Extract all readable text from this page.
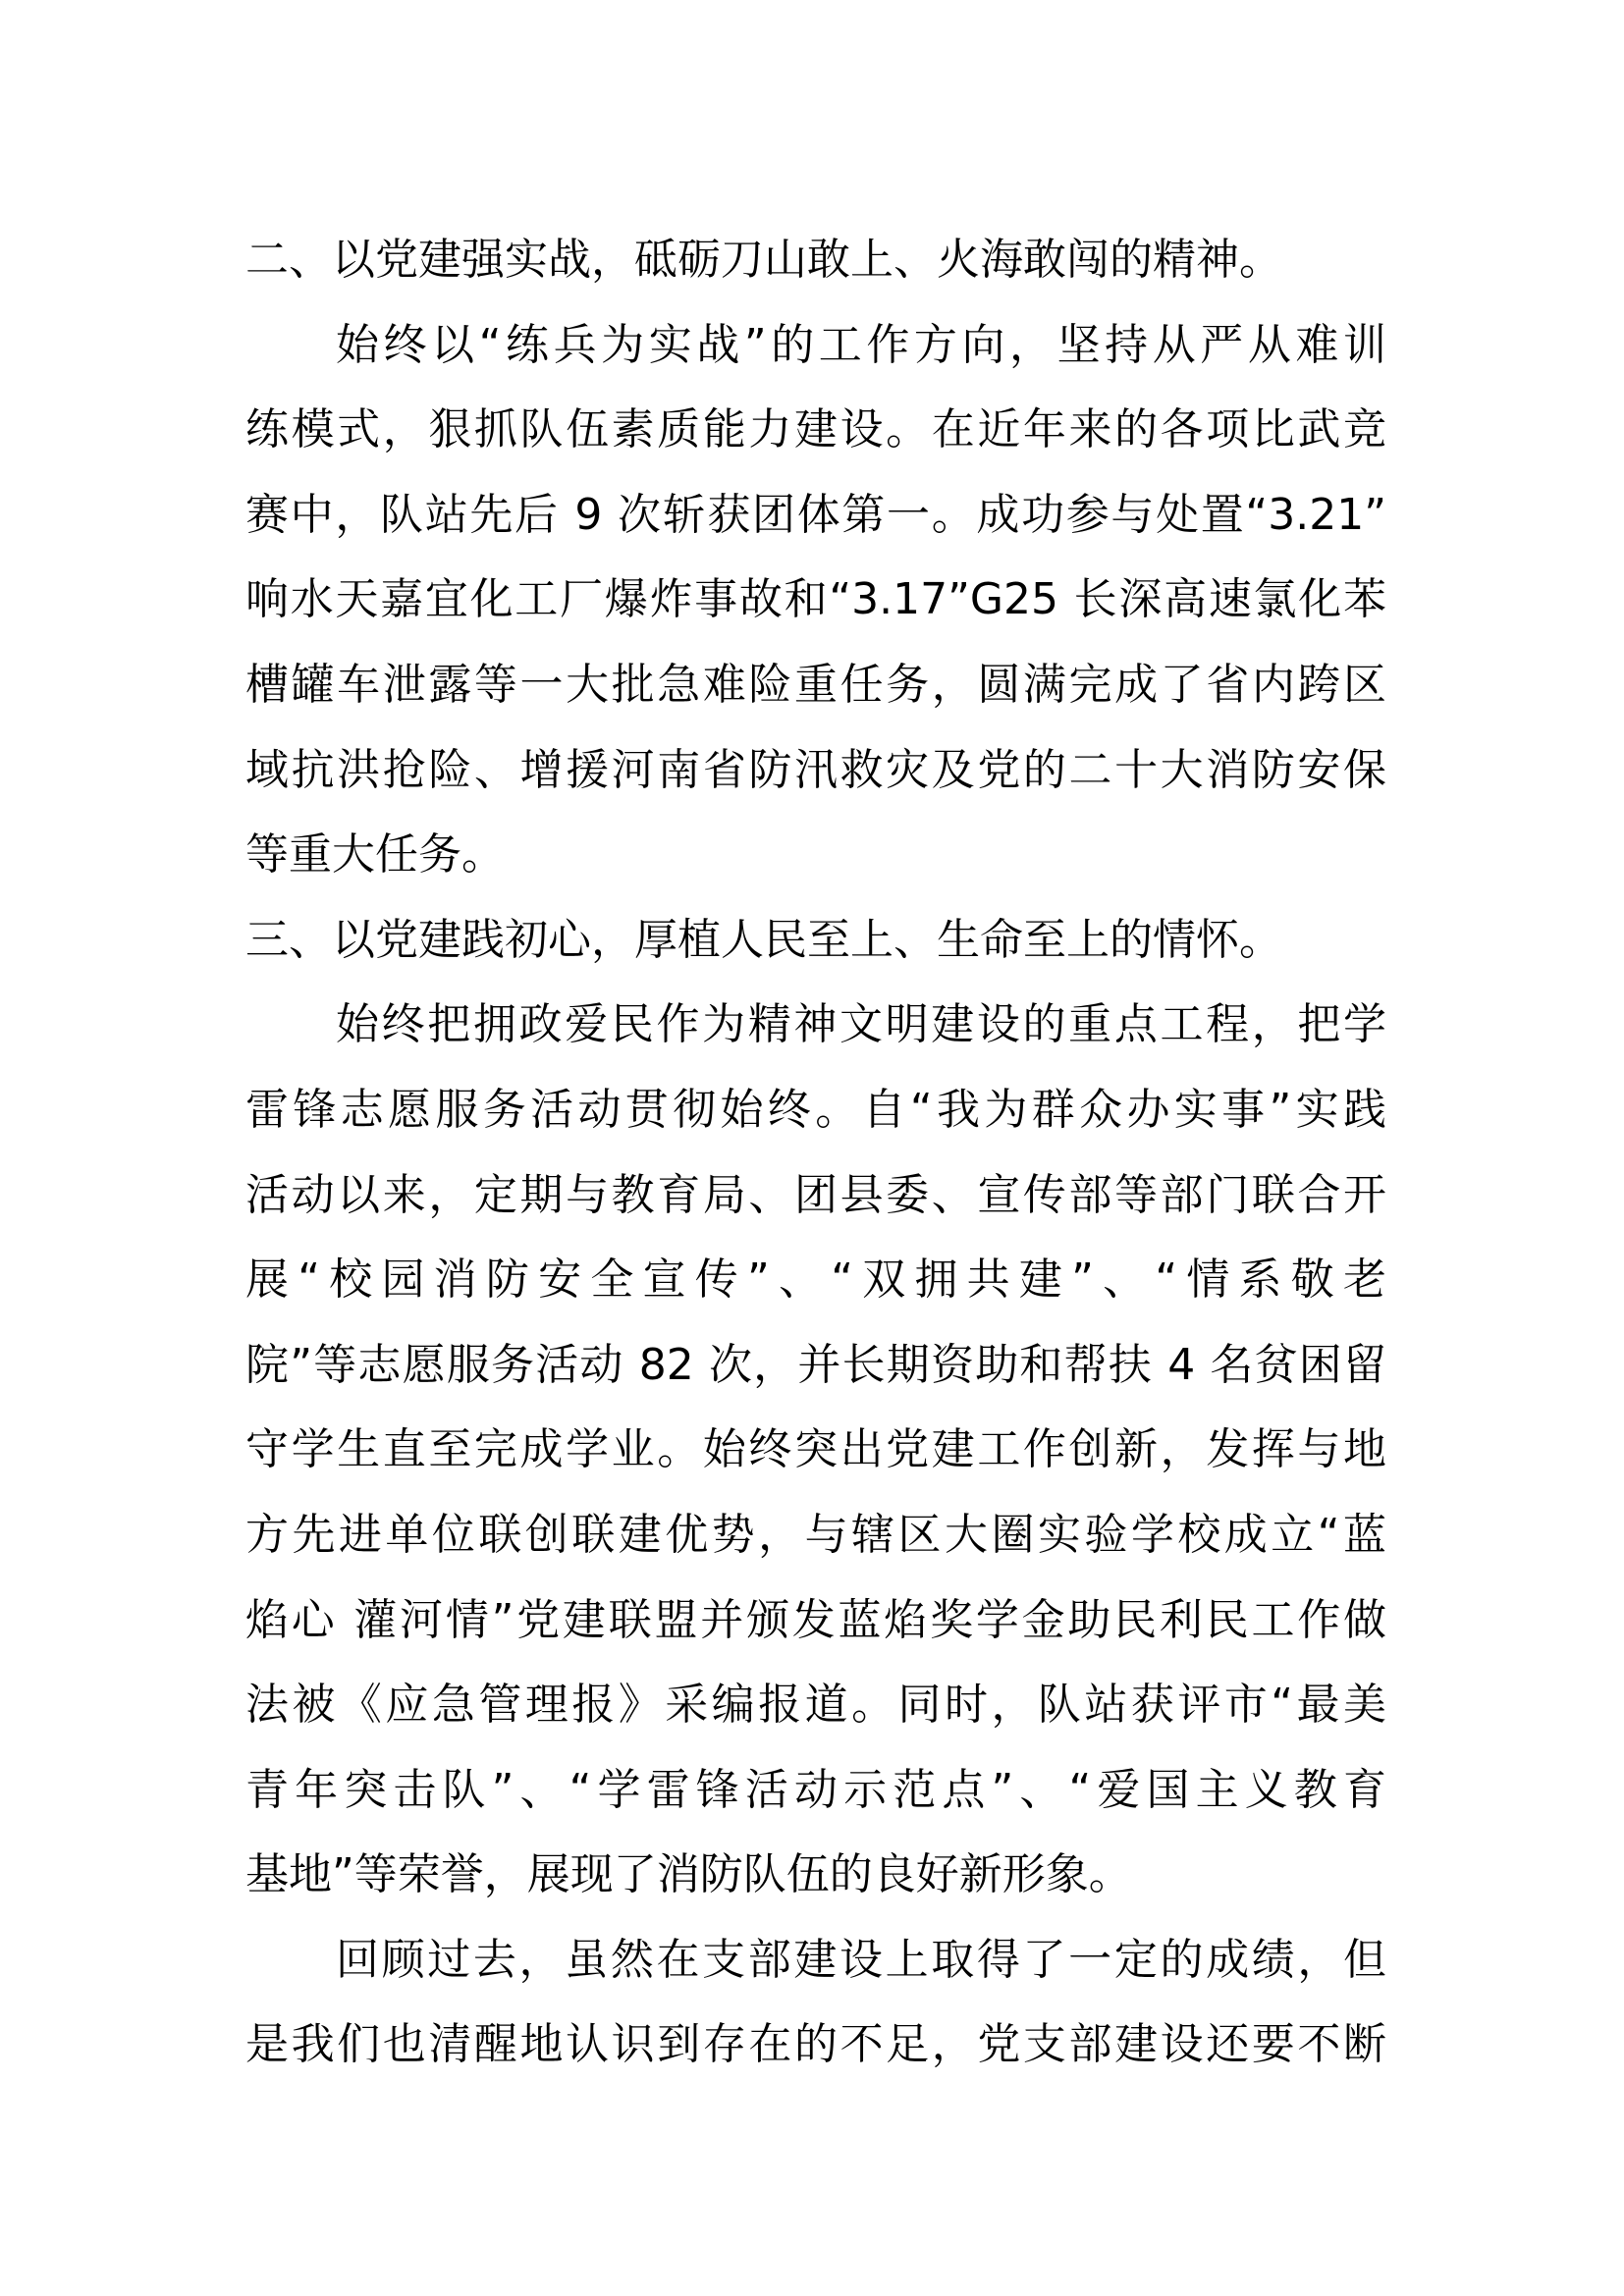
二、以党建强实战，砥砺刀山敢上、火海敢闯的精神。
始终以“练兵为实战”的工作方向，坚持从严从难训
练模式，狠抓队伍素质能力建设。在近年来的各项比武竞
赛中，队站先后 9 次斩获团体第一。成功参与处置“3.21”
响水天嘉宜化工厂爆炸事故和“3.17”G25 长深高速氯化苯
槽罐车泄露等一大批急难险重任务，圆满完成了省内跨区
域抗洪抢险、增援河南省防汛救灾及党的二十大消防安保
等重大任务。
三、以党建践初心，厚植人民至上、生命至上的情怀。
始终把拥政爱民作为精神文明建设的重点工程，把学
雷锋志愿服务活动贯彻始终。自“我为群众办实事”实践
活动以来，定期与教育局、团县委、宣传部等部门联合开
展“校园消防安全宣传”、“双拥共建”、“情系敬老
院”等志愿服务活动 82 次，并长期资助和帮扶 4 名贫困留
守学生直至完成学业。始终突出党建工作创新，发挥与地
方先进单位联创联建优势，与辖区大圈实验学校成立“蓝
焰心 灌河情”党建联盟并颁发蓝焰奖学金助民利民工作做
法被《应急管理报》采编报道。同时，队站获评市“最美
青年突击队”、“学雷锋活动示范点”、“爱国主义教育
基地”等荣誉，展现了消防队伍的良好新形象。
回顾过去，虽然在支部建设上取得了一定的成绩，但
是我们也清醒地认识到存在的不足，党支部建设还要不断
